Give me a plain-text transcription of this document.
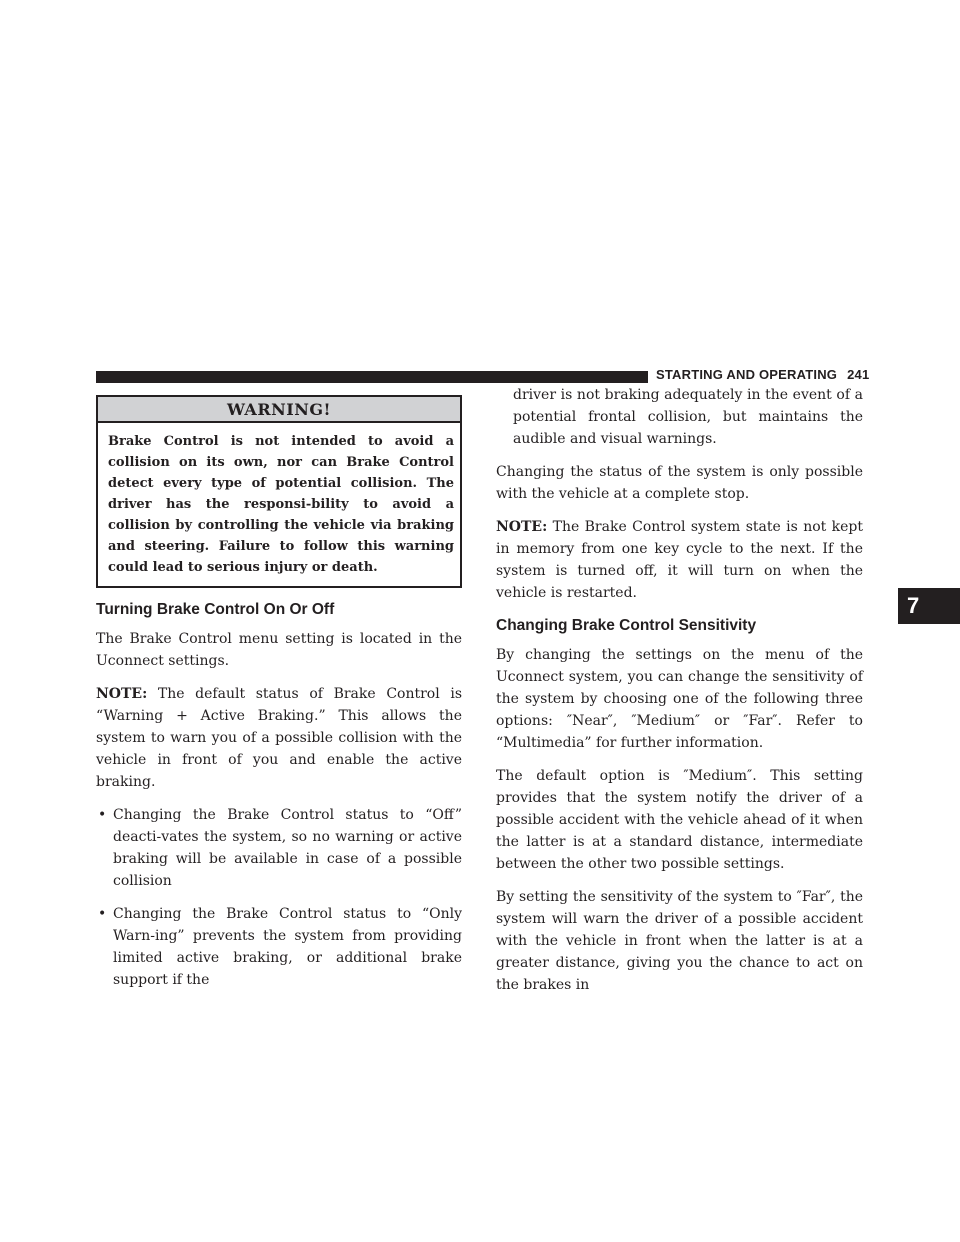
STARTING AND OPERATING 241
7
WARNING!
Brake Control is not intended to avoid a collision on its own, nor can Brake Control detect every type of potential collision. The driver has the responsi-bility to avoid a collision by controlling the vehicle via braking and steering. Failure to follow this warning could lead to serious injury or death.
Turning Brake Control On Or Off

The Brake Control menu setting is located in the Uconnect settings.

NOTE: The default status of Brake Control is “Warning + Active Braking.” This allows the system to warn you of a possible collision with the vehicle in front of you and enable the active braking.

• Changing the Brake Control status to “Off” deacti-vates the system, so no warning or active braking will be available in case of a possible collision
• Changing the Brake Control status to “Only Warn-ing” prevents the system from providing limited active braking, or additional brake support if the

driver is not braking adequately in the event of a potential frontal collision, but maintains the audible and visual warnings.

Changing the status of the system is only possible with the vehicle at a complete stop.

NOTE: The Brake Control system state is not kept in memory from one key cycle to the next. If the system is turned off, it will turn on when the vehicle is restarted.

Changing Brake Control Sensitivity

By changing the settings on the menu of the Uconnect system, you can change the sensitivity of the system by choosing one of the following three options: ″Near″, ″Medium″ or ″Far″. Refer to “Multimedia” for further information.

The default option is ″Medium″. This setting provides that the system notify the driver of a possible accident with the vehicle ahead of it when the latter is at a standard distance, intermediate between the other two possible settings.

By setting the sensitivity of the system to ″Far″, the system will warn the driver of a possible accident with the vehicle in front when the latter is at a greater distance, giving you the chance to act on the brakes in
